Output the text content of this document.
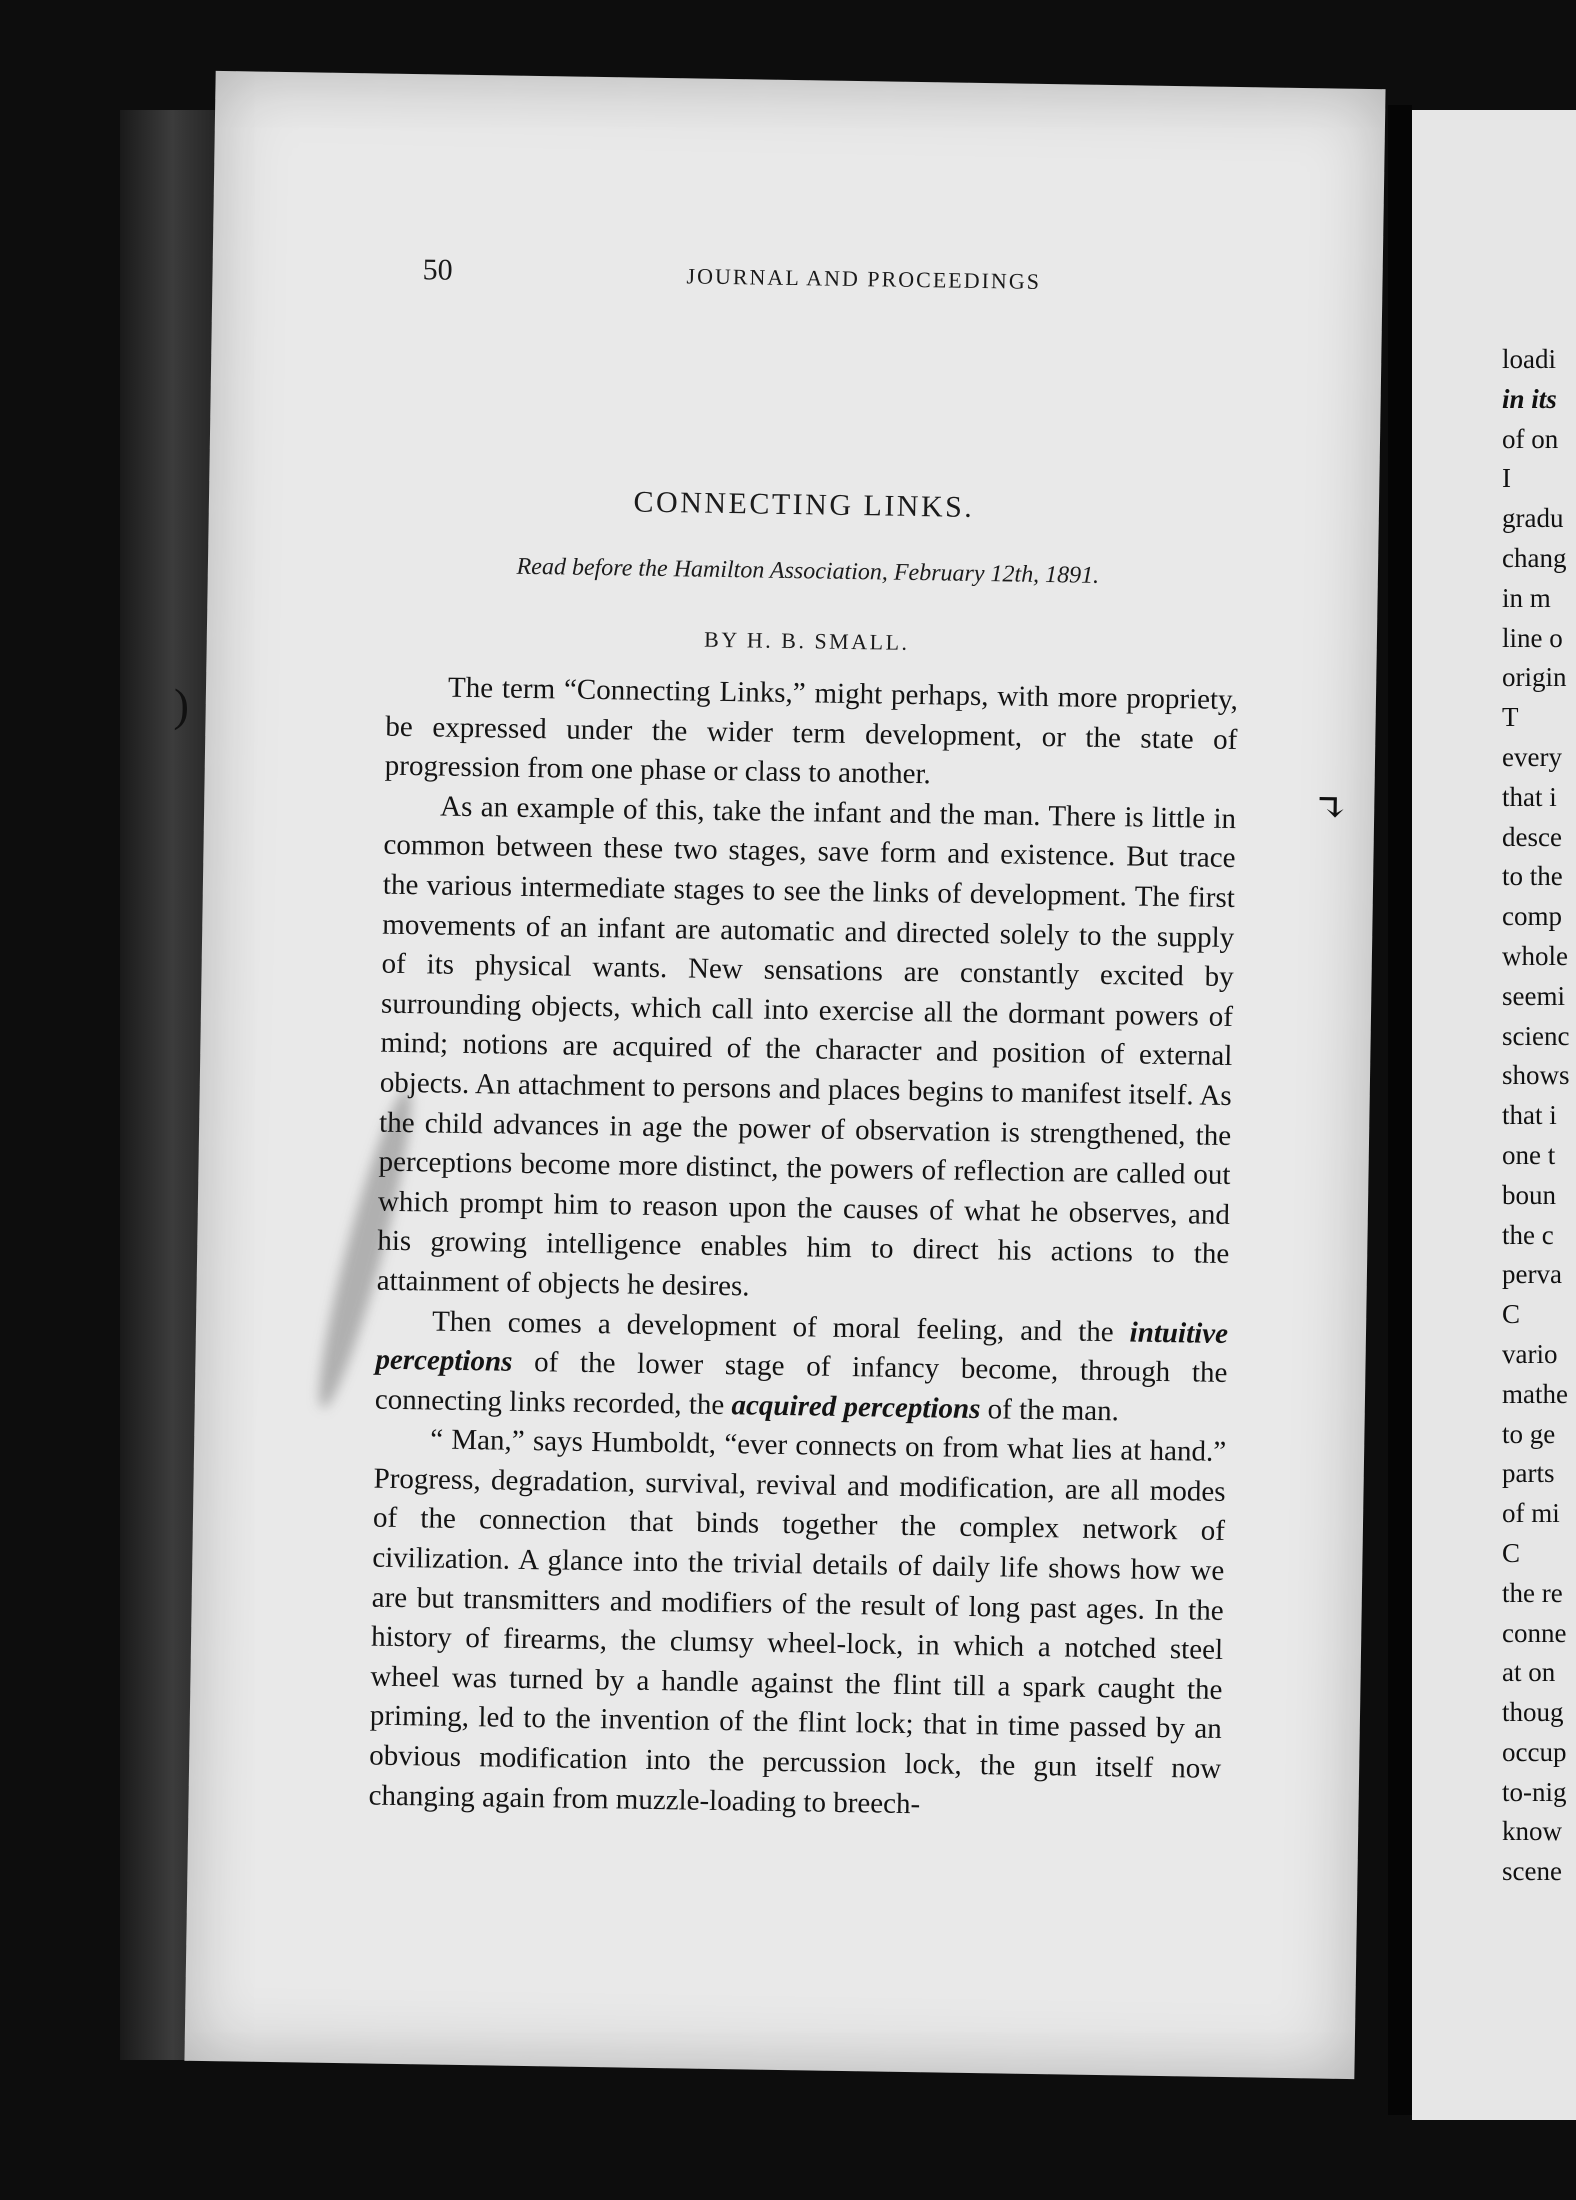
50	JOURNAL AND PROCEEDINGS
CONNECTING LINKS.
Read before the Hamilton Association, February 12th, 1891.
BY H. B. SMALL.

The term “Connecting Links,” might perhaps, with more propriety, be expressed under the wider term development, or the state of progression from one phase or class to another.

As an example of this, take the infant and the man. There is little in common between these two stages, save form and existence. But trace the various intermediate stages to see the links of development. The first movements of an infant are automatic and directed solely to the supply of its physical wants. New sensations are constantly excited by surrounding objects, which call into exercise all the dormant powers of mind; notions are acquired of the character and position of external objects. An attachment to persons and places begins to manifest itself. As the child advances in age the power of observation is strengthened, the perceptions become more distinct, the powers of reflection are called out which prompt him to reason upon the causes of what he observes, and his growing intelligence enables him to direct his actions to the attainment of objects he desires.

Then comes a development of moral feeling, and the intuitive perceptions of the lower stage of infancy become, through the connecting links recorded, the acquired perceptions of the man.

“ Man,” says Humboldt, “ever connects on from what lies at hand.” Progress, degradation, survival, revival and modification, are all modes of the connection that binds together the complex network of civilization. A glance into the trivial details of daily life shows how we are but transmitters and modifiers of the result of long past ages. In the history of firearms, the clumsy wheel-lock, in which a notched steel wheel was turned by a handle against the flint till a spark caught the priming, led to the invention of the flint lock; that in time passed by an obvious modification into the percussion lock, the gun itself now changing again from muzzle-loading to breech-

↴
)
loadi
in its
of on
I
gradu
chang
in m
line o
origin
T
every
that i
desce
to the
comp
whole
seemi
scienc
shows
that i
one t
boun
the c
perva
C
vario
mathe
to ge
parts
of mi
C
the re
conne
at on
thoug
occup
to-nig
know
scene
